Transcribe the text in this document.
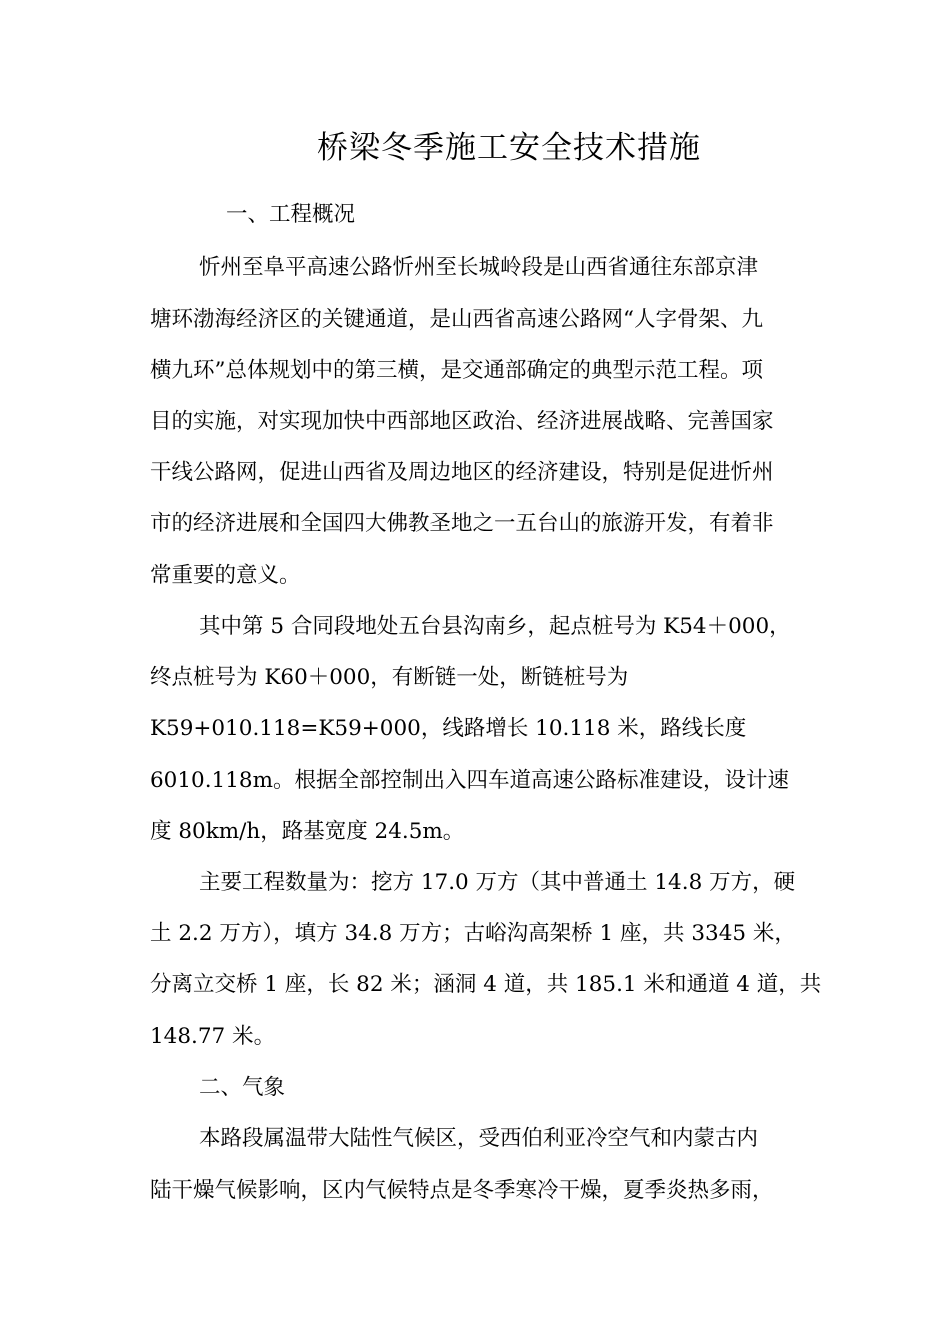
桥梁冬季施工安全技术措施
一、工程概况
忻州至阜平高速公路忻州至长城岭段是山西省通往东部京津
塘环渤海经济区的关键通道，是山西省高速公路网“人字骨架、九
横九环”总体规划中的第三横，是交通部确定的典型示范工程。项
目的实施，对实现加快中西部地区政治、经济进展战略、完善国家
干线公路网，促进山西省及周边地区的经济建设，特别是促进忻州
市的经济进展和全国四大佛教圣地之一五台山的旅游开发，有着非
常重要的意义。
其中第 5 合同段地处五台县沟南乡，起点桩号为 K54＋000，
终点桩号为 K60＋000，有断链一处，断链桩号为
K59+010.118=K59+000，线路增长 10.118 米，路线长度
6010.118m。根据全部控制出入四车道高速公路标准建设，设计速
度 80km/h，路基宽度 24.5m。
主要工程数量为：挖方 17.0 万方（其中普通土 14.8 万方，硬
土 2.2 万方），填方 34.8 万方；古峪沟高架桥 1 座，共 3345 米，
分离立交桥 1 座，长 82 米；涵洞 4 道，共 185.1 米和通道 4 道，共
148.77 米。
二、气象
本路段属温带大陆性气候区，受西伯利亚冷空气和内蒙古内
陆干燥气候影响，区内气候特点是冬季寒冷干燥，夏季炎热多雨，
